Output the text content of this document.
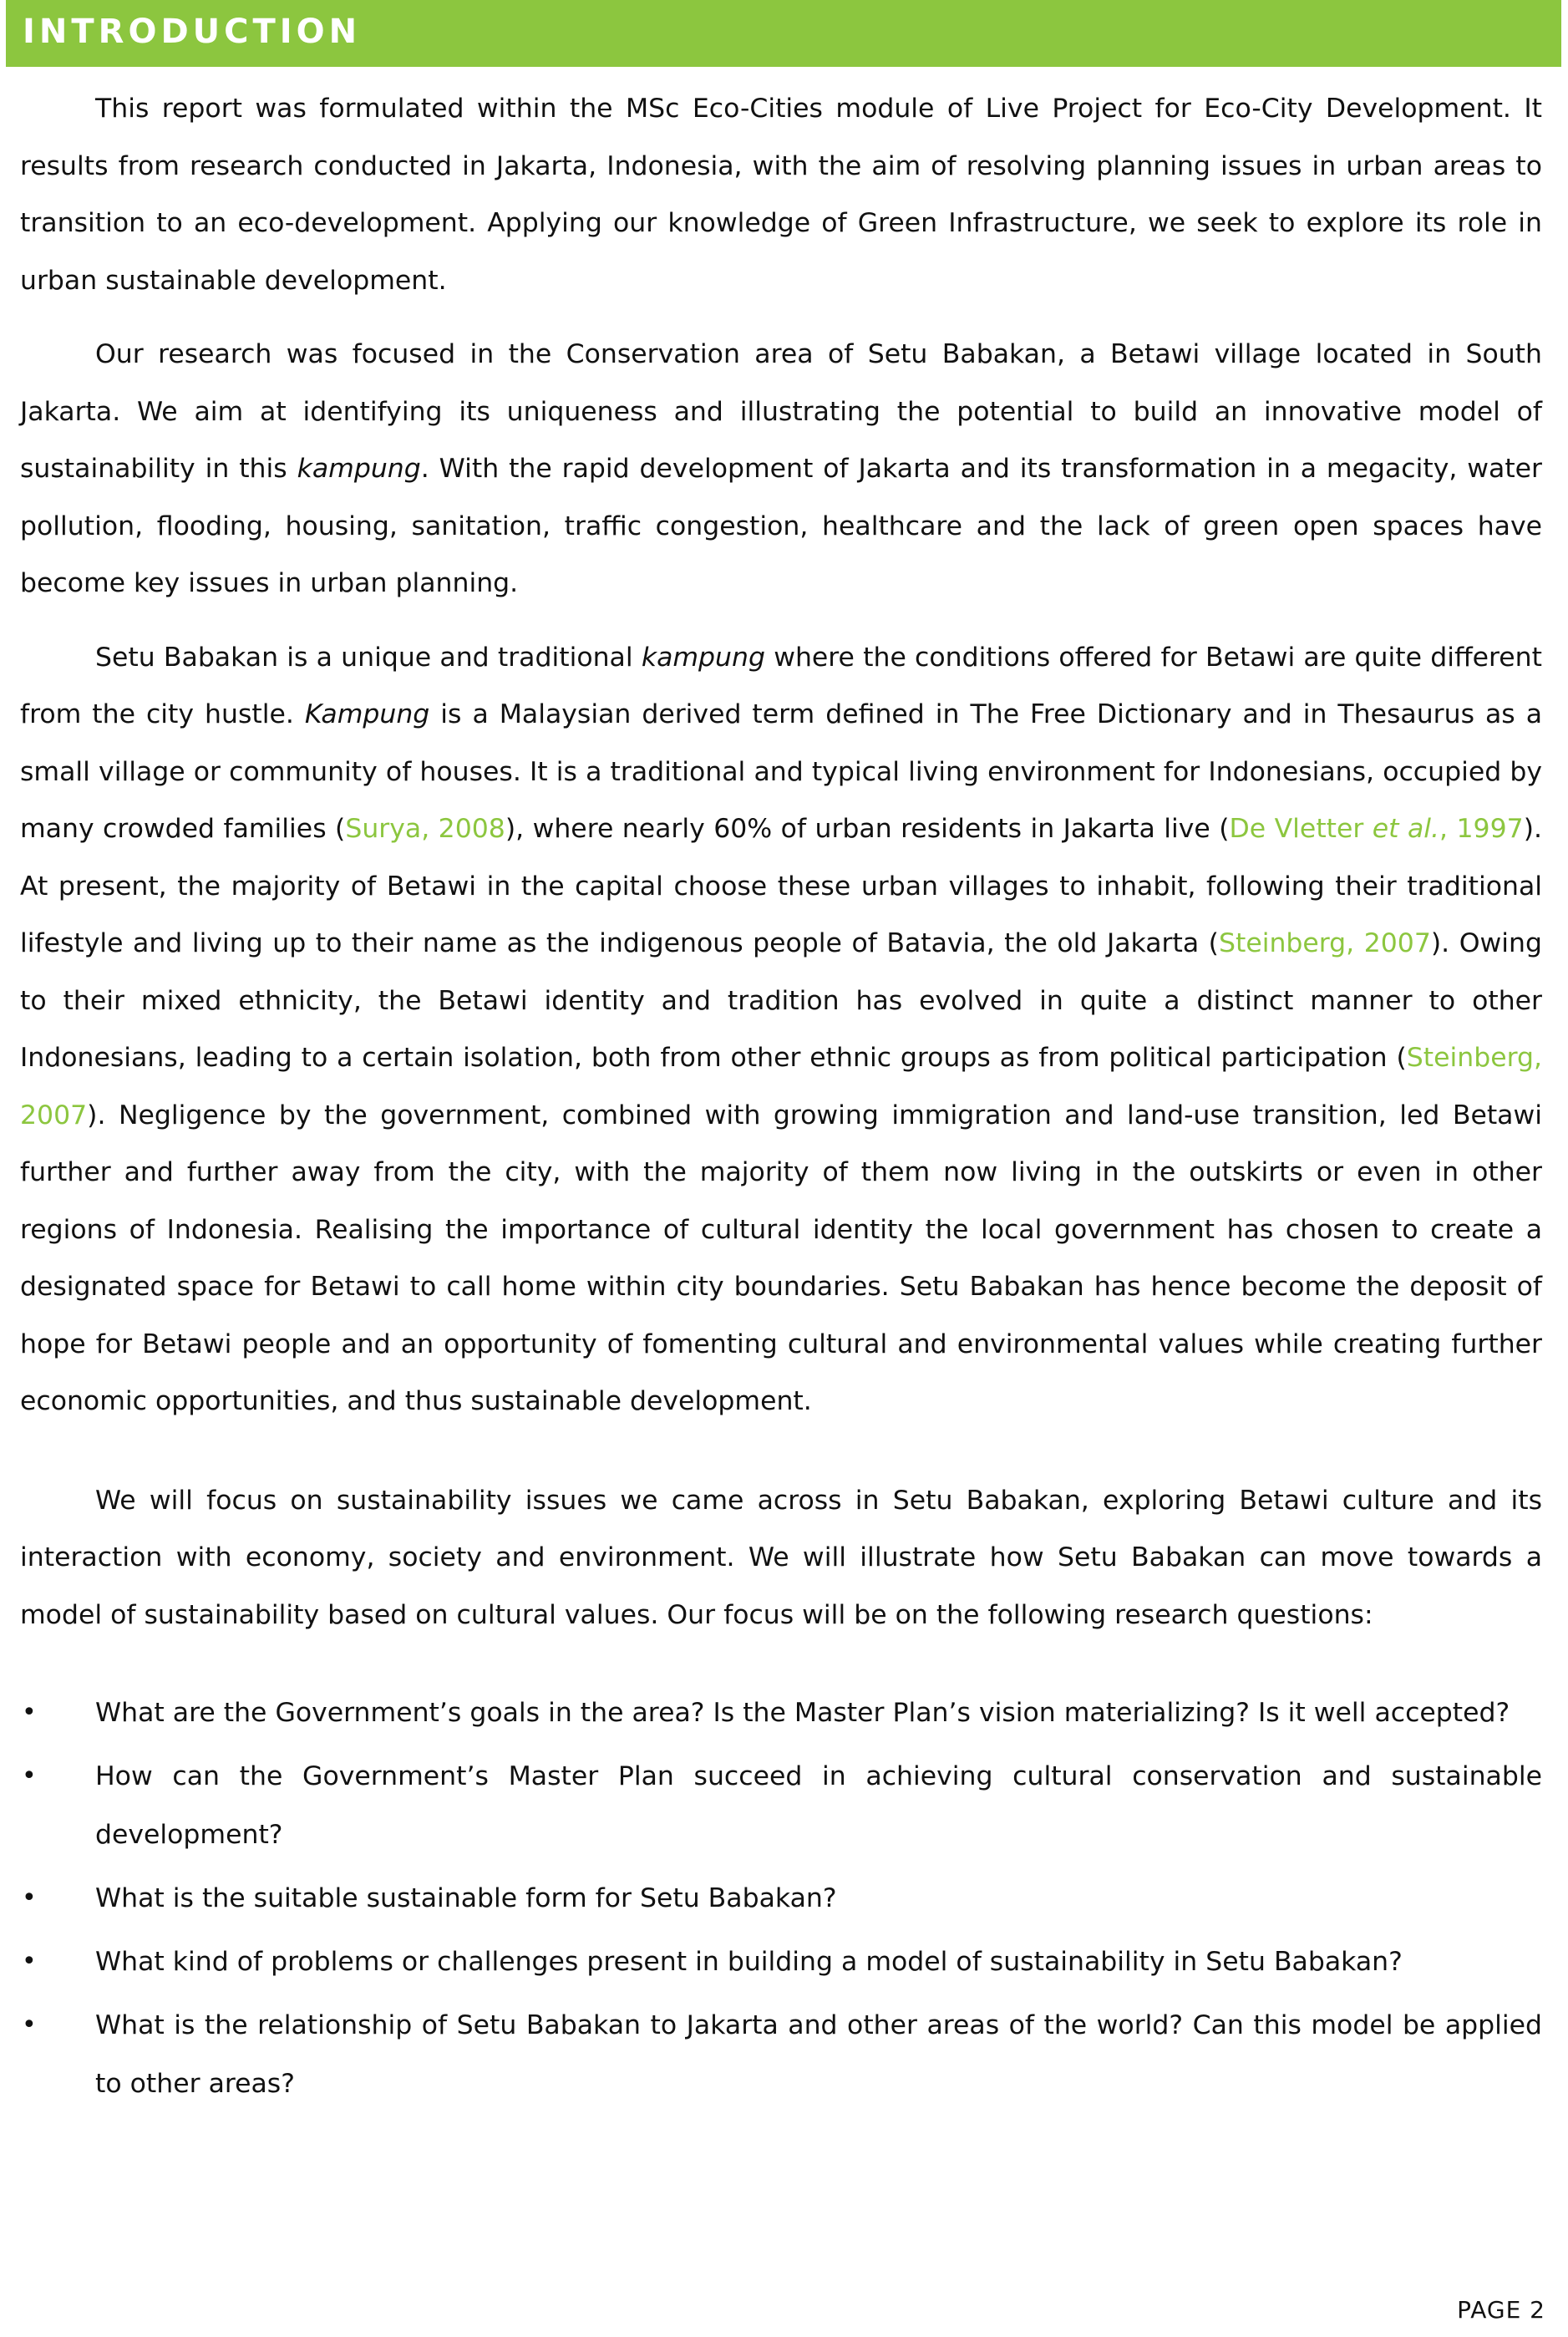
INTRODUCTION

This report was formulated within the MSc Eco-Cities module of Live Project for Eco-City Development. It results from research conducted in Jakarta, Indonesia, with the aim of resolving planning issues in urban areas to transition to an eco-development. Applying our knowledge of Green Infrastructure, we seek to explore its role in urban sustainable development.

Our research was focused in the Conservation area of Setu Babakan, a Betawi village located in South Jakarta. We aim at identifying its uniqueness and illustrating the potential to build an innovative model of sustainability in this kampung. With the rapid development of Jakarta and its transformation in a megacity, water pollution, flooding, housing, sanitation, traffic congestion, healthcare and the lack of green open spaces have become key issues in urban planning.

Setu Babakan is a unique and traditional kampung where the conditions offered for Betawi are quite different from the city hustle. Kampung is a Malaysian derived term defined in The Free Dictionary and in Thesaurus as a small village or community of houses. It is a traditional and typical living environment for Indonesians, occupied by many crowded families (Surya, 2008), where nearly 60% of urban residents in Jakarta live (De Vletter et al., 1997). At present, the majority of Betawi in the capital choose these urban villages to inhabit, following their traditional lifestyle and living up to their name as the indigenous people of Batavia, the old Jakarta (Steinberg, 2007). Owing to their mixed ethnicity, the Betawi identity and tradition has evolved in quite a distinct manner to other Indonesians, leading to a certain isolation, both from other ethnic groups as from political participation (Steinberg, 2007). Negligence by the government, combined with growing immigration and land-use transition, led Betawi further and further away from the city, with the majority of them now living in the outskirts or even in other regions of Indonesia. Realising the importance of cultural identity the local government has chosen to create a designated space for Betawi to call home within city boundaries. Setu Babakan has hence become the deposit of hope for Betawi people and an opportunity of fomenting cultural and environmental values while creating further economic opportunities, and thus sustainable development.

We will focus on sustainability issues we came across in Setu Babakan, exploring Betawi culture and its interaction with economy, society and environment. We will illustrate how Setu Babakan can move towards a model of sustainability based on cultural values. Our focus will be on the following research questions:

• What are the Government’s goals in the area? Is the Master Plan’s vision materializing? Is it well accepted?
• How can the Government’s Master Plan succeed in achieving cultural conservation and sustainable development?
• What is the suitable sustainable form for Setu Babakan?
• What kind of problems or challenges present in building a model of sustainability in Setu Babakan?
• What is the relationship of Setu Babakan to Jakarta and other areas of the world? Can this model be applied to other areas?
PAGE 2
